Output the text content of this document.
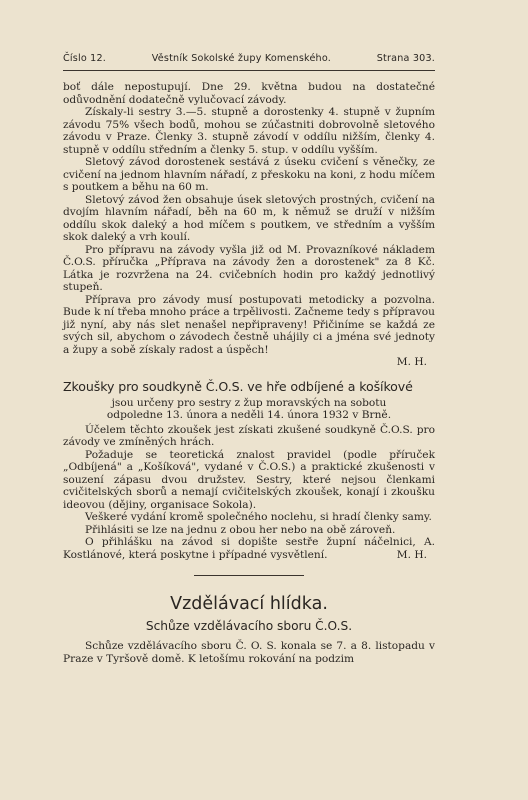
Číslo 12.	Věstník Sokolské župy Komenského.	Strana 303.

boť dále nepostupují. Dne 29. května budou na dostatečné odůvodnění dodatečně vylučovací závody.

Získaly-li sestry 3.—5. stupně a dorostenky 4. stupně v župním závodu 75% všech bodů, mohou se zúčastniti dobrovolně sletového závodu v Praze. Členky 3. stupně závodí v oddílu nižším, členky 4. stupně v oddílu středním a členky 5. stup. v oddílu vyšším.

Sletový závod dorostenek sestává z úseku cvičení s věnečky, ze cvičení na jednom hlavním nářadí, z přeskoku na koni, z hodu míčem s poutkem a běhu na 60 m.

Sletový závod žen obsahuje úsek sletových prostných, cvičení na dvojím hlavním nářadí, běh na 60 m, k němuž se druží v nižším oddílu skok daleký a hod míčem s poutkem, ve středním a vyšším skok daleký a vrh koulí.

Pro přípravu na závody vyšla již od M. Provazníkové nákladem Č.O.S. příručka „Příprava na závody žen a dorostenek" za 8 Kč. Látka je rozvržena na 24. cvičebních hodin pro každý jednotlivý stupeň.

Příprava pro závody musí postupovati metodicky a pozvolna. Bude k ní třeba mnoho práce a trpělivosti. Začneme tedy s přípravou již nyní, aby nás slet nenašel nepřipraveny! Přičiníme se každá ze svých sil, abychom o závodech čestně uhájily ci a jména své jednoty a župy a sobě získaly radost a úspěch!

M. H.

Zkoušky pro soudkyně Č.O.S. ve hře odbíjené a košíkové

jsou určeny pro sestry z žup moravských na sobotu odpoledne 13. února a neděli 14. února 1932 v Brně.

Účelem těchto zkoušek jest získati zkušené soudkyně Č.O.S. pro závody ve zmíněných hrách.

Požaduje se teoretická znalost pravidel (podle příruček „Odbíjená" a „Košíková", vydané v Č.O.S.) a praktické zkušenosti v souzení zápasu dvou družstev. Sestry, které nejsou členkami cvičitelských sborů a nemají cvičitelských zkoušek, konají i zkoušku ideovou (dějiny, organisace Sokola).

Veškeré vydání kromě společného noclehu, si hradí členky samy.

Přihlásiti se lze na jednu z obou her nebo na obě zároveň.

O přihlášku na závod si dopište sestře župní náčelnici, A. Kostlánové, která poskytne i případné vysvětlení.	M. H.

Vzdělávací hlídka.
Schůze vzdělávacího sboru Č.O.S.

Schůze vzdělávacího sboru Č. O. S. konala se 7. a 8. listopadu v Praze v Tyršově domě. K letošímu rokování na podzim
